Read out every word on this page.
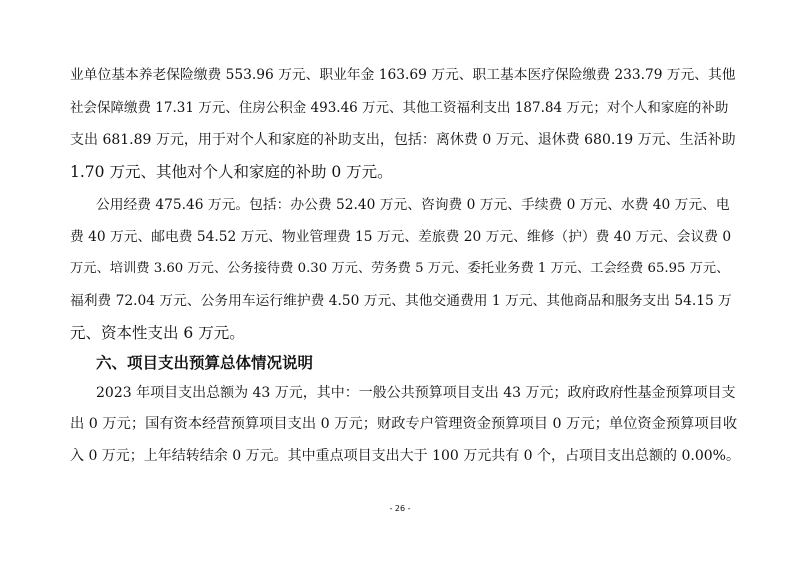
业单位基本养老保险缴费 553.96 万元、职业年金 163.69 万元、职工基本医疗保险缴费 233.79 万元、其他
社会保障缴费 17.31 万元、住房公积金 493.46 万元、其他工资福利支出 187.84 万元；对个人和家庭的补助
支出 681.89 万元，用于对个人和家庭的补助支出，包括：离休费 0 万元、退休费 680.19 万元、生活补助
1.70 万元、其他对个人和家庭的补助 0 万元。
公用经费 475.46 万元。包括：办公费 52.40 万元、咨询费 0 万元、手续费 0 万元、水费 40 万元、电
费 40 万元、邮电费 54.52 万元、物业管理费 15 万元、差旅费 20 万元、维修（护）费 40 万元、会议费 0
万元、培训费 3.60 万元、公务接待费 0.30 万元、劳务费 5 万元、委托业务费 1 万元、工会经费 65.95 万元、
福利费 72.04 万元、公务用车运行维护费 4.50 万元、其他交通费用 1 万元、其他商品和服务支出 54.15 万
元、资本性支出 6 万元。
六、项目支出预算总体情况说明
2023 年项目支出总额为 43 万元，其中：一般公共预算项目支出 43 万元；政府政府性基金预算项目支
出 0 万元；国有资本经营预算项目支出 0 万元；财政专户管理资金预算项目 0 万元；单位资金预算项目收
入 0 万元；上年结转结余 0 万元。其中重点项目支出大于 100 万元共有 0 个，占项目支出总额的 0.00%。
- 26 -
